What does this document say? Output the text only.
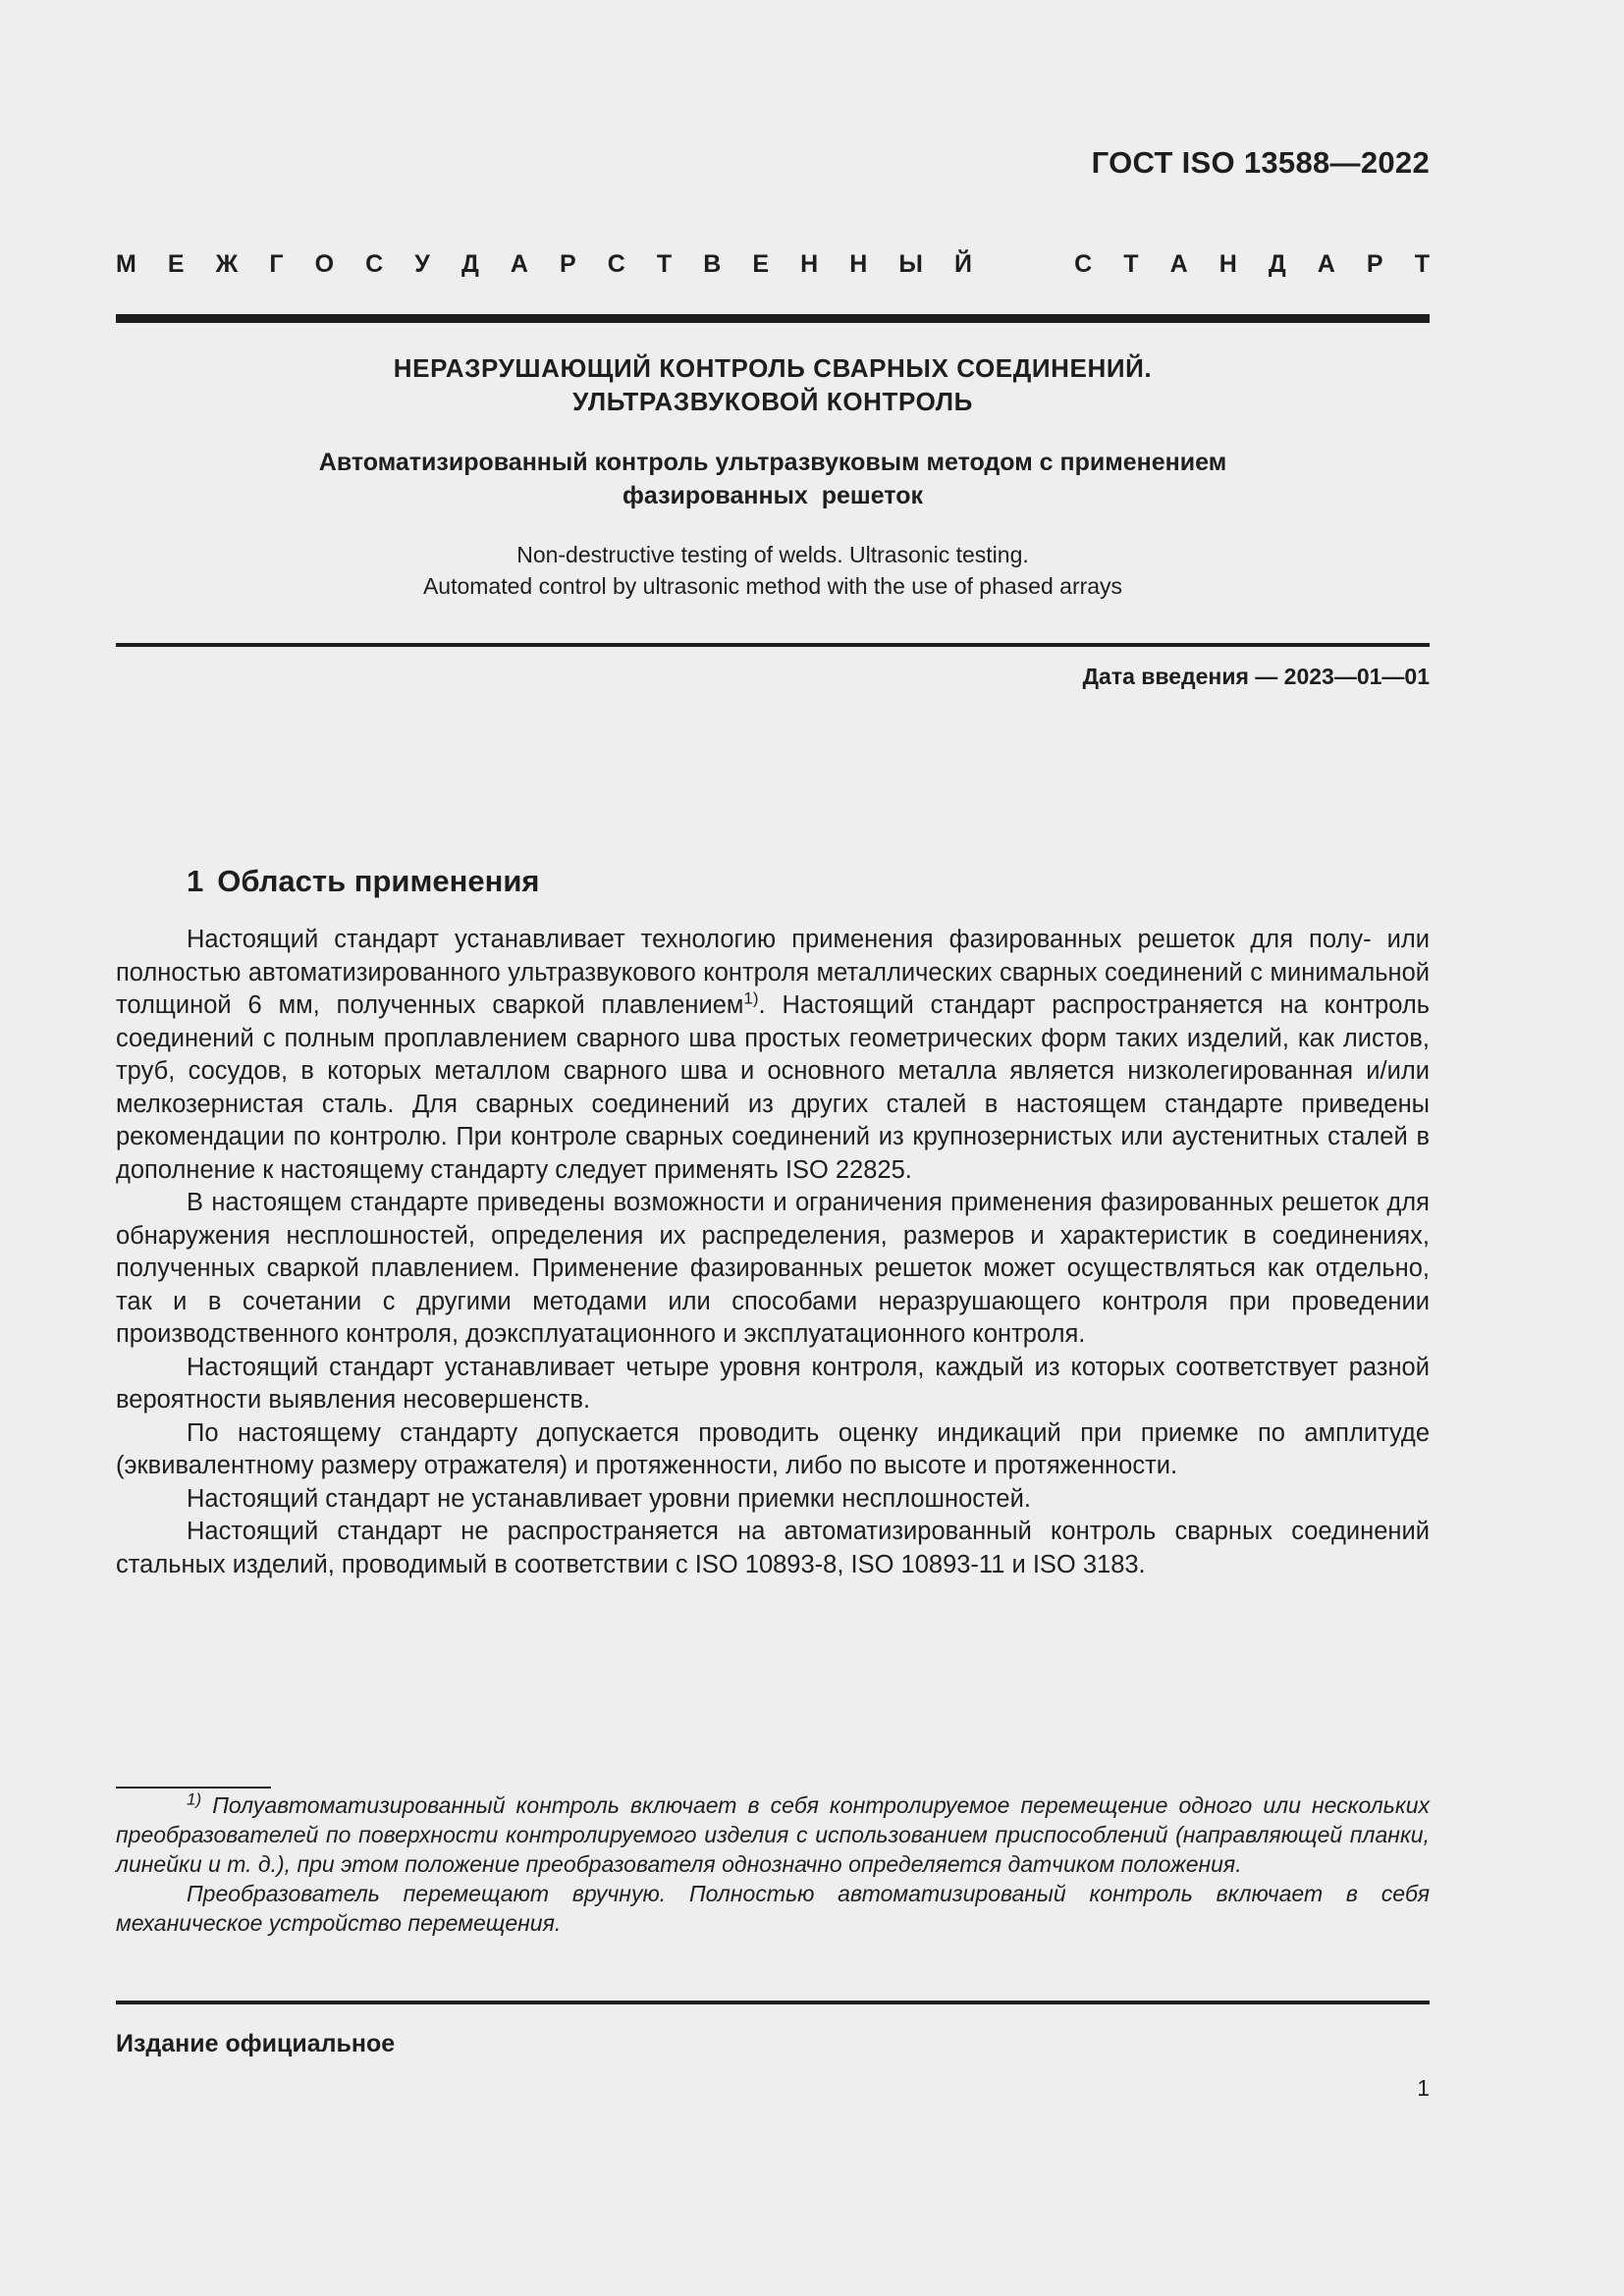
ГОСТ ISO 13588—2022
М Е Ж Г О С У Д А Р С Т В Е Н Н Ы Й	С Т А Н Д А Р Т
НЕРАЗРУШАЮЩИЙ КОНТРОЛЬ СВАРНЫХ СОЕДИНЕНИЙ.
УЛЬТРАЗВУКОВОЙ КОНТРОЛЬ
Автоматизированный контроль ультразвуковым методом с применением
фазированных  решеток
Non-destructive testing of welds. Ultrasonic testing.
Automated control by ultrasonic method with the use of phased arrays
Дата введения — 2023—01—01
1 Область применения

Настоящий стандарт устанавливает технологию применения фазированных решеток для полу- или полностью автоматизированного ультразвукового контроля металлических сварных соединений с минимальной толщиной 6 мм, полученных сваркой плавлением$^{1)}$. Настоящий стандарт распространяется на контроль соединений с полным проплавлением сварного шва простых геометрических форм таких изделий, как листов, труб, сосудов, в которых металлом сварного шва и основного металла является низколегированная и/или мелкозернистая сталь. Для сварных соединений из других сталей в настоящем стандарте приведены рекомендации по контролю. При контроле сварных соединений из крупнозернистых или аустенитных сталей в дополнение к настоящему стандарту следует применять ISO 22825.

В настоящем стандарте приведены возможности и ограничения применения фазированных решеток для обнаружения несплошностей, определения их распределения, размеров и характеристик в соединениях, полученных сваркой плавлением. Применение фазированных решеток может осуществляться как отдельно, так и в сочетании с другими методами или способами неразрушающего контроля при проведении производственного контроля, доэксплуатационного и эксплуатационного контроля.

Настоящий стандарт устанавливает четыре уровня контроля, каждый из которых соответствует разной вероятности выявления несовершенств.

По настоящему стандарту допускается проводить оценку индикаций при приемке по амплитуде (эквивалентному размеру отражателя) и протяженности, либо по высоте и протяженности.

Настоящий стандарт не устанавливает уровни приемки несплошностей.

Настоящий стандарт не распространяется на автоматизированный контроль сварных соединений стальных изделий, проводимый в соответствии с ISO 10893-8, ISO 10893-11 и ISO 3183.

$^{1)}$ Полуавтоматизированный контроль включает в себя контролируемое перемещение одного или нескольких преобразователей по поверхности контролируемого изделия с использованием приспособлений (направляющей планки, линейки и т. д.), при этом положение преобразователя однозначно определяется датчиком положения.

Преобразователь перемещают вручную. Полностью автоматизированый контроль включает в себя механическое устройство перемещения.

Издание официальное
1
